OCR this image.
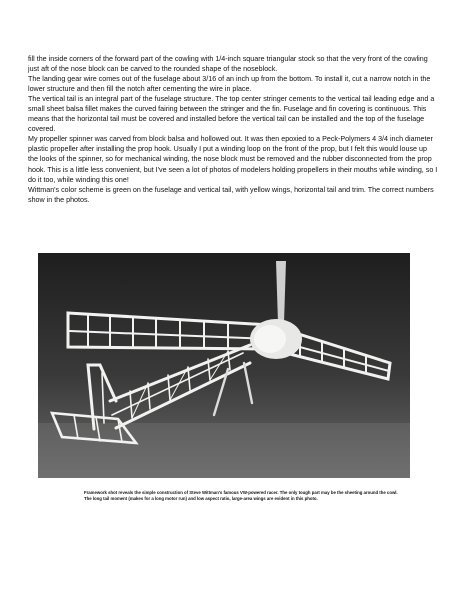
fill the inside corners of the forward part of the cowling with 1/4-inch square triangular stock so that the very front of the cowling just aft of the nose block can be carved to the rounded shape of the noseblock.

The landing gear wire comes out of the fuselage about 3/16 of an inch up from the bottom. To install it, cut a narrow notch in the lower structure and then fill the notch after cementing the wire in place.

The vertical tail is an integral part of the fuselage structure. The top center stringer cements to the vertical tail leading edge and a small sheet balsa fillet makes the curved fairing between the stringer and the fin. Fuselage and fin covering is continuous. This means that the horizontal tail must be covered and installed before the vertical tail can be installed and the top of the fuselage covered.

My propeller spinner was carved from block balsa and hollowed out. It was then epoxied to a Peck-Polymers 4 3/4 inch diameter plastic propeller after installing the prop hook. Usually I put a winding loop on the front of the prop, but I felt this would louse up the looks of the spinner, so for mechanical winding, the nose block must be removed and the rubber disconnected from the prop hook. This is a little less convenient, but I've seen a lot of photos of modelers holding propellers in their mouths while winding, so I do it too, while winding this one!

Wittman's color scheme is green on the fuselage and vertical tail, with yellow wings, horizontal tail and trim. The correct numbers show in the photos.

Framework shot reveals the simple construction of Steve Wittman's famous VW-powered racer. The only tough part may be the sheeting around the cowl. The long tail moment (makes for a long motor run) and low aspect ratio, large-area wings are evident in this photo.
